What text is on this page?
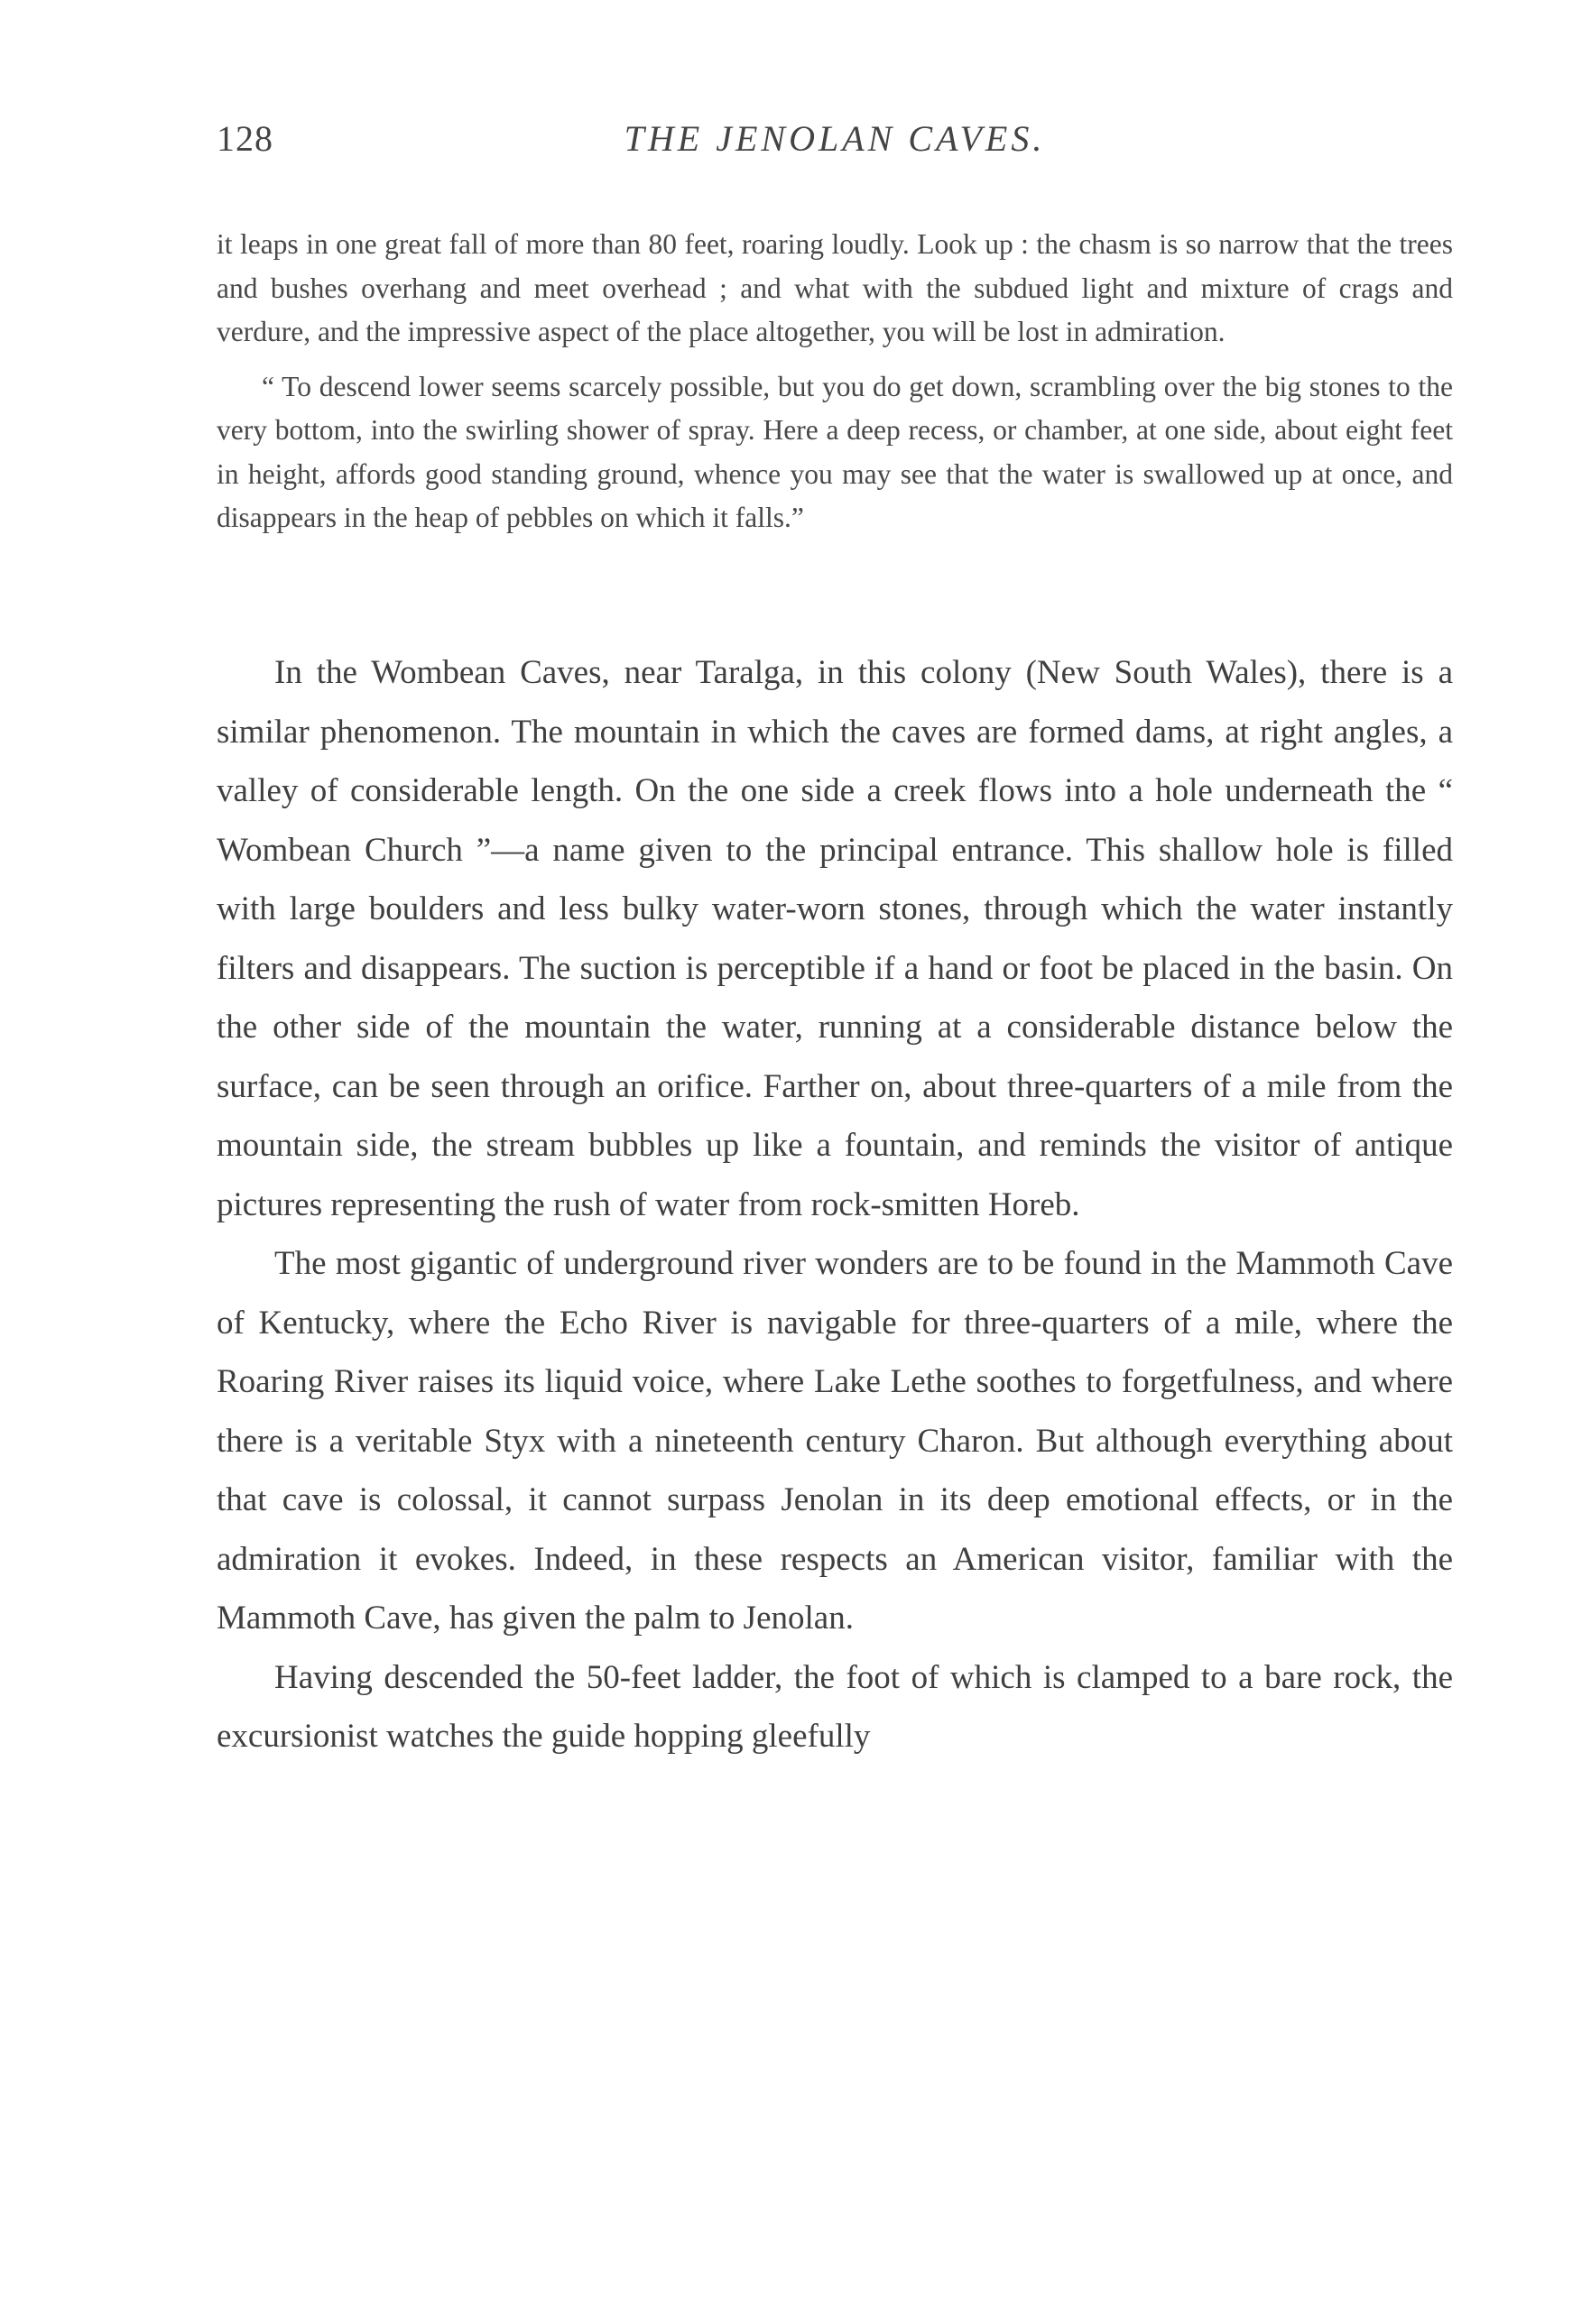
128	THE JENOLAN CAVES.

it leaps in one great fall of more than 80 feet, roaring loudly. Look up : the chasm is so narrow that the trees and bushes overhang and meet overhead ; and what with the subdued light and mixture of crags and verdure, and the impressive aspect of the place altogether, you will be lost in admiration.

“ To descend lower seems scarcely possible, but you do get down, scrambling over the big stones to the very bottom, into the swirling shower of spray. Here a deep recess, or chamber, at one side, about eight feet in height, affords good standing ground, whence you may see that the water is swallowed up at once, and disappears in the heap of pebbles on which it falls.”

In the Wombean Caves, near Taralga, in this colony (New South Wales), there is a similar phenomenon. The mountain in which the caves are formed dams, at right angles, a valley of considerable length. On the one side a creek flows into a hole underneath the “ Wombean Church ”—a name given to the principal entrance. This shallow hole is filled with large boulders and less bulky water-worn stones, through which the water instantly filters and disappears. The suction is perceptible if a hand or foot be placed in the basin. On the other side of the mountain the water, running at a considerable distance below the surface, can be seen through an orifice. Farther on, about three-quarters of a mile from the mountain side, the stream bubbles up like a fountain, and reminds the visitor of antique pictures representing the rush of water from rock-smitten Horeb.

The most gigantic of underground river wonders are to be found in the Mammoth Cave of Kentucky, where the Echo River is navigable for three-quarters of a mile, where the Roaring River raises its liquid voice, where Lake Lethe soothes to forgetfulness, and where there is a veritable Styx with a nineteenth century Charon. But although everything about that cave is colossal, it cannot surpass Jenolan in its deep emotional effects, or in the admiration it evokes. Indeed, in these respects an American visitor, familiar with the Mammoth Cave, has given the palm to Jenolan.

Having descended the 50-feet ladder, the foot of which is clamped to a bare rock, the excursionist watches the guide hopping gleefully
